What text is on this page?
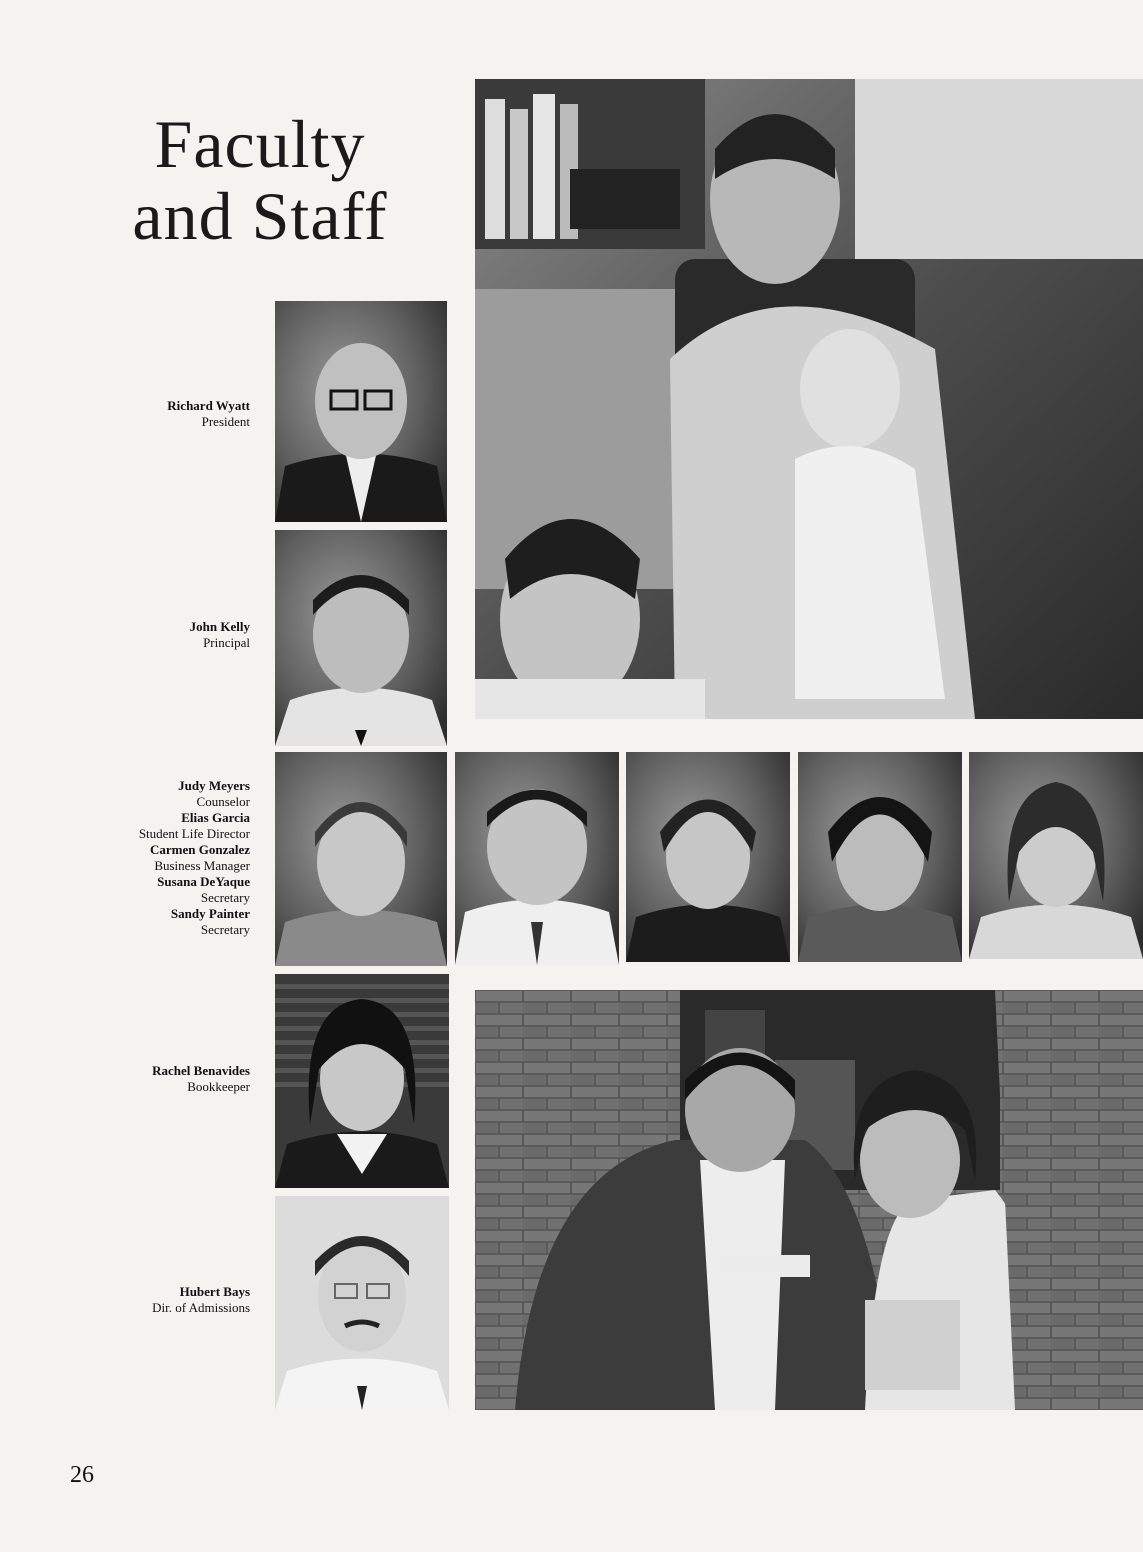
Faculty
and Staff
Richard Wyatt
President
John Kelly
Principal
Judy Meyers
Counselor
Elias Garcia
Student Life Director
Carmen Gonzalez
Business Manager
Susana DeYaque
Secretary
Sandy Painter
Secretary
Rachel Benavides
Bookkeeper
Hubert Bays
Dir. of Admissions
26
